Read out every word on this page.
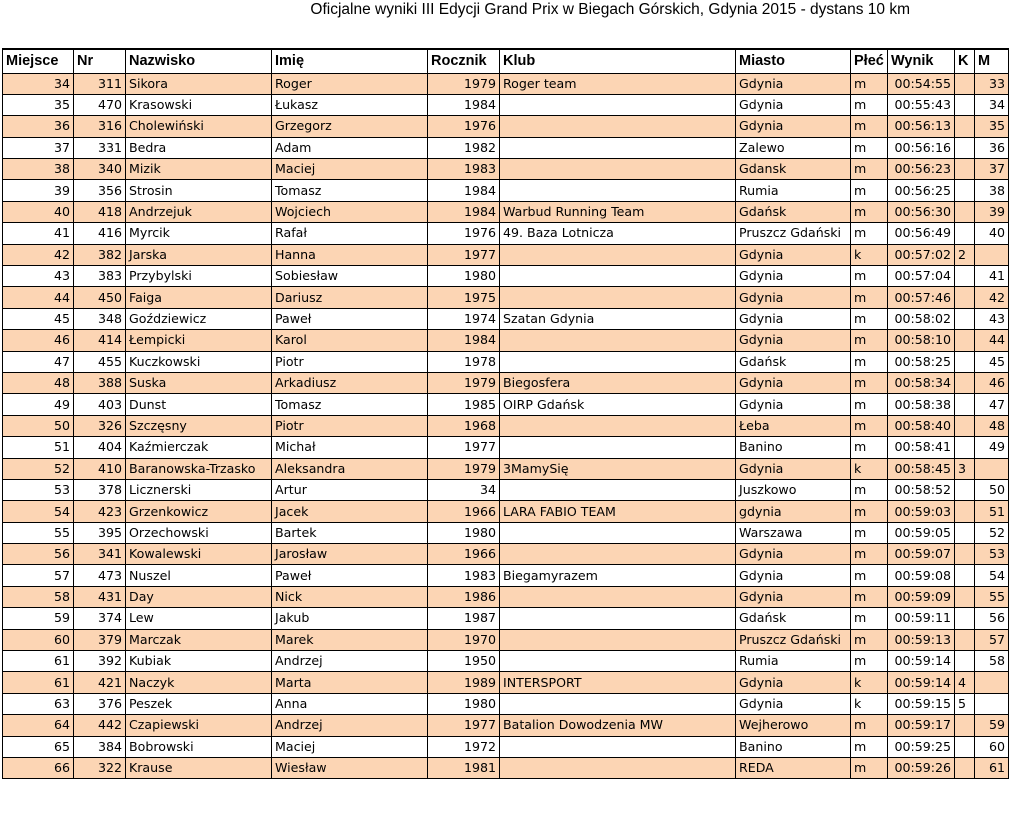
Oficjalne wyniki III Edycji Grand Prix w Biegach Górskich, Gdynia 2015 - dystans 10 km
Miejsce	Nr	Nazwisko	Imię	Rocznik	Klub	Miasto	Płeć	Wynik	K	M
34	311	Sikora	Roger	1979	Roger team	Gdynia	m	00:54:55		33
35	470	Krasowski	Łukasz	1984		Gdynia	m	00:55:43		34
36	316	Cholewiński	Grzegorz	1976		Gdynia	m	00:56:13		35
37	331	Bedra	Adam	1982		Zalewo	m	00:56:16		36
38	340	Mizik	Maciej	1983		Gdansk	m	00:56:23		37
39	356	Strosin	Tomasz	1984		Rumia	m	00:56:25		38
40	418	Andrzejuk	Wojciech	1984	Warbud Running Team	Gdańsk	m	00:56:30		39
41	416	Myrcik	Rafał	1976	49. Baza Lotnicza	Pruszcz Gdański	m	00:56:49		40
42	382	Jarska	Hanna	1977		Gdynia	k	00:57:02	2	
43	383	Przybylski	Sobiesław	1980		Gdynia	m	00:57:04		41
44	450	Faiga	Dariusz	1975		Gdynia	m	00:57:46		42
45	348	Goździewicz	Paweł	1974	Szatan Gdynia	Gdynia	m	00:58:02		43
46	414	Łempicki	Karol	1984		Gdynia	m	00:58:10		44
47	455	Kuczkowski	Piotr	1978		Gdańsk	m	00:58:25		45
48	388	Suska	Arkadiusz	1979	Biegosfera	Gdynia	m	00:58:34		46
49	403	Dunst	Tomasz	1985	OIRP Gdańsk	Gdynia	m	00:58:38		47
50	326	Szczęsny	Piotr	1968		Łeba	m	00:58:40		48
51	404	Kaźmierczak	Michał	1977		Banino	m	00:58:41		49
52	410	Baranowska-Trzasko	Aleksandra	1979	3MamySię	Gdynia	k	00:58:45	3	
53	378	Licznerski	Artur	34		Juszkowo	m	00:58:52		50
54	423	Grzenkowicz	Jacek	1966	LARA FABIO TEAM	gdynia	m	00:59:03		51
55	395	Orzechowski	Bartek	1980		Warszawa	m	00:59:05		52
56	341	Kowalewski	Jarosław	1966		Gdynia	m	00:59:07		53
57	473	Nuszel	Paweł	1983	Biegamyrazem	Gdynia	m	00:59:08		54
58	431	Day	Nick	1986		Gdynia	m	00:59:09		55
59	374	Lew	Jakub	1987		Gdańsk	m	00:59:11		56
60	379	Marczak	Marek	1970		Pruszcz Gdański	m	00:59:13		57
61	392	Kubiak	Andrzej	1950		Rumia	m	00:59:14		58
61	421	Naczyk	Marta	1989	INTERSPORT	Gdynia	k	00:59:14	4	
63	376	Peszek	Anna	1980		Gdynia	k	00:59:15	5	
64	442	Czapiewski	Andrzej	1977	Batalion Dowodzenia MW	Wejherowo	m	00:59:17		59
65	384	Bobrowski	Maciej	1972		Banino	m	00:59:25		60
66	322	Krause	Wiesław	1981		REDA	m	00:59:26		61
